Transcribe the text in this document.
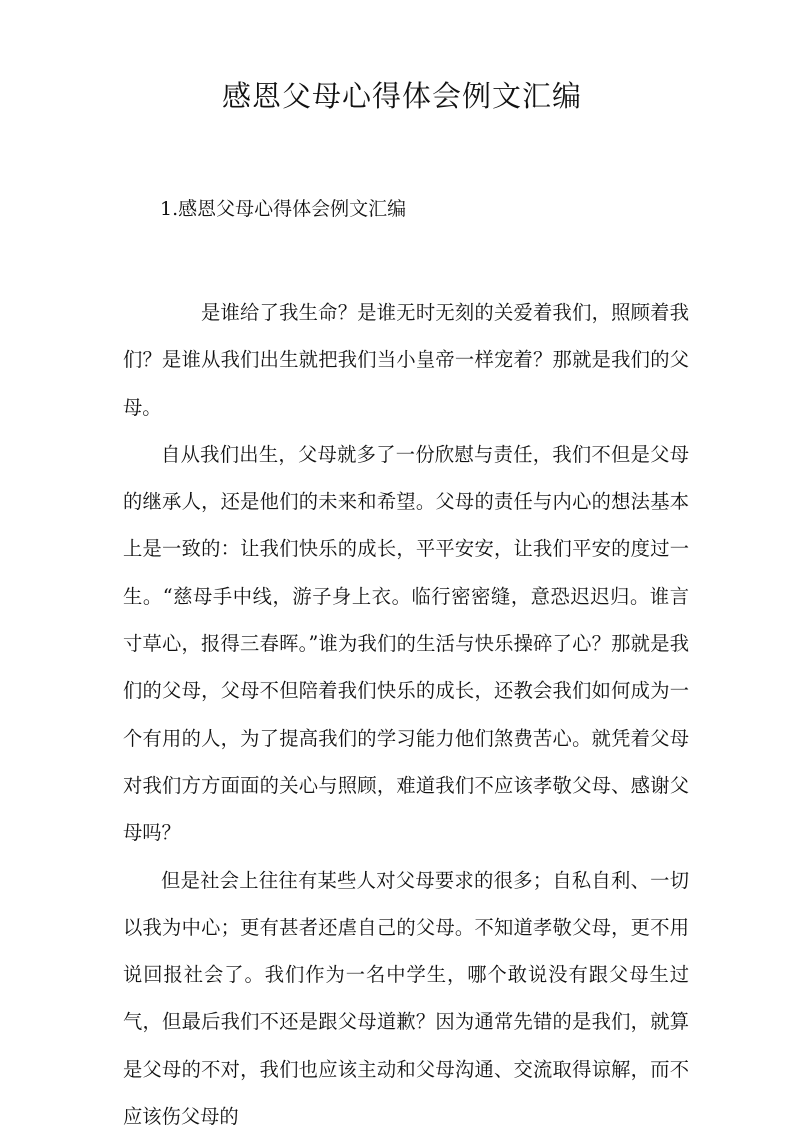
感恩父母心得体会例文汇编
1.感恩父母心得体会例文汇编

是谁给了我生命？是谁无时无刻的关爱着我们，照顾着我们？是谁从我们出生就把我们当小皇帝一样宠着？那就是我们的父母。

自从我们出生，父母就多了一份欣慰与责任，我们不但是父母的继承人，还是他们的未来和希望。父母的责任与内心的想法基本上是一致的：让我们快乐的成长，平平安安，让我们平安的度过一生。“慈母手中线，游子身上衣。临行密密缝，意恐迟迟归。谁言寸草心，报得三春晖。”谁为我们的生活与快乐操碎了心？那就是我们的父母，父母不但陪着我们快乐的成长，还教会我们如何成为一个有用的人，为了提高我们的学习能力他们煞费苦心。就凭着父母对我们方方面面的关心与照顾，难道我们不应该孝敬父母、感谢父母吗？

但是社会上往往有某些人对父母要求的很多；自私自利、一切以我为中心；更有甚者还虐自己的父母。不知道孝敬父母，更不用说回报社会了。我们作为一名中学生，哪个敢说没有跟父母生过气，但最后我们不还是跟父母道歉？因为通常先错的是我们，就算是父母的不对，我们也应该主动和父母沟通、交流取得谅解，而不应该伤父母的
